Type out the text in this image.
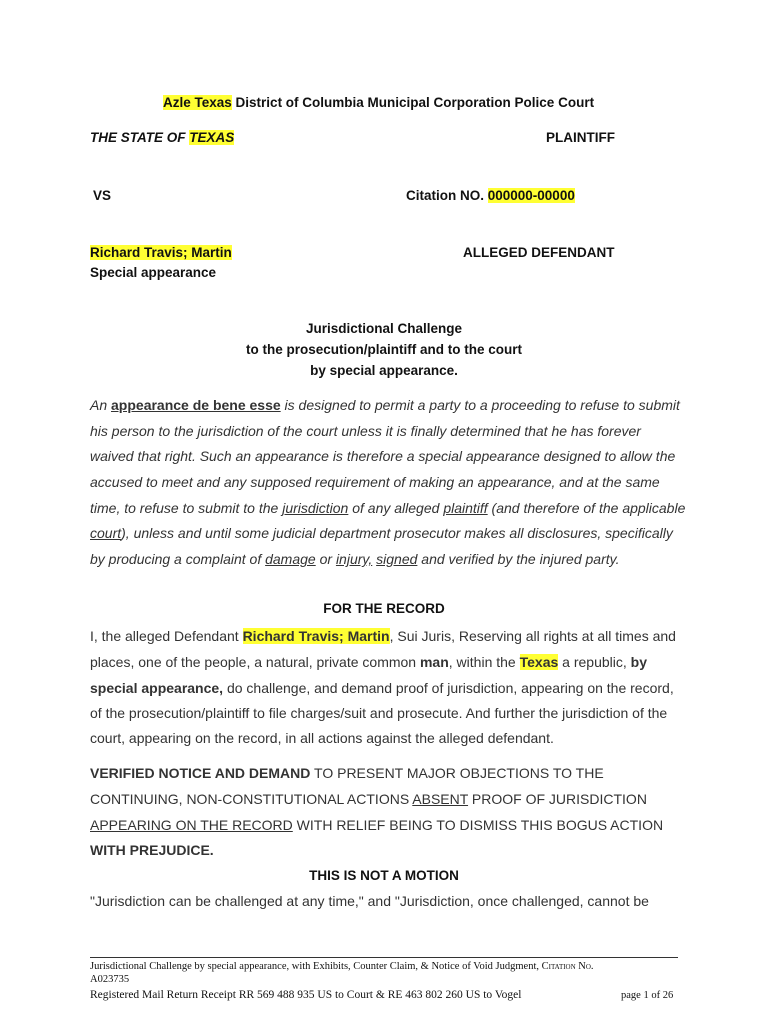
Azle Texas District of Columbia Municipal Corporation Police Court
THE STATE OF TEXAS	PLAINTIFF
VS	Citation NO. 000000-00000
Richard Travis; Martin	ALLEGED DEFENDANT
Special appearance
Jurisdictional Challenge
to the prosecution/plaintiff and to the court
by special appearance.
An appearance de bene esse is designed to permit a party to a proceeding to refuse to submit
his person to the jurisdiction of the court unless it is finally determined that he has forever
waived that right. Such an appearance is therefore a special appearance designed to allow the
accused to meet and any supposed requirement of making an appearance, and at the same
time, to refuse to submit to the jurisdiction of any alleged plaintiff (and therefore of the applicable
court), unless and until some judicial department prosecutor makes all disclosures, specifically
by producing a complaint of damage or injury, signed and verified by the injured party.
FOR THE RECORD
I, the alleged Defendant Richard Travis; Martin, Sui Juris, Reserving all rights at all times and
places, one of the people, a natural, private common man, within the Texas a republic, by
special appearance, do challenge, and demand proof of jurisdiction, appearing on the record,
of the prosecution/plaintiff to file charges/suit and prosecute. And further the jurisdiction of the
court, appearing on the record, in all actions against the alleged defendant.
VERIFIED NOTICE AND DEMAND TO PRESENT MAJOR OBJECTIONS TO THE
CONTINUING, NON-CONSTITUTIONAL ACTIONS ABSENT PROOF OF JURISDICTION
APPEARING ON THE RECORD WITH RELIEF BEING TO DISMISS THIS BOGUS ACTION
WITH PREJUDICE.
THIS IS NOT A MOTION
"Jurisdiction can be challenged at any time," and "Jurisdiction, once challenged, cannot be
Jurisdictional Challenge by special appearance, with Exhibits, Counter Claim, & Notice of Void Judgment, Citation No.
A023735
Registered Mail Return Receipt RR 569 488 935 US to Court & RE 463 802 260 US to Vogel	page 1 of 26
